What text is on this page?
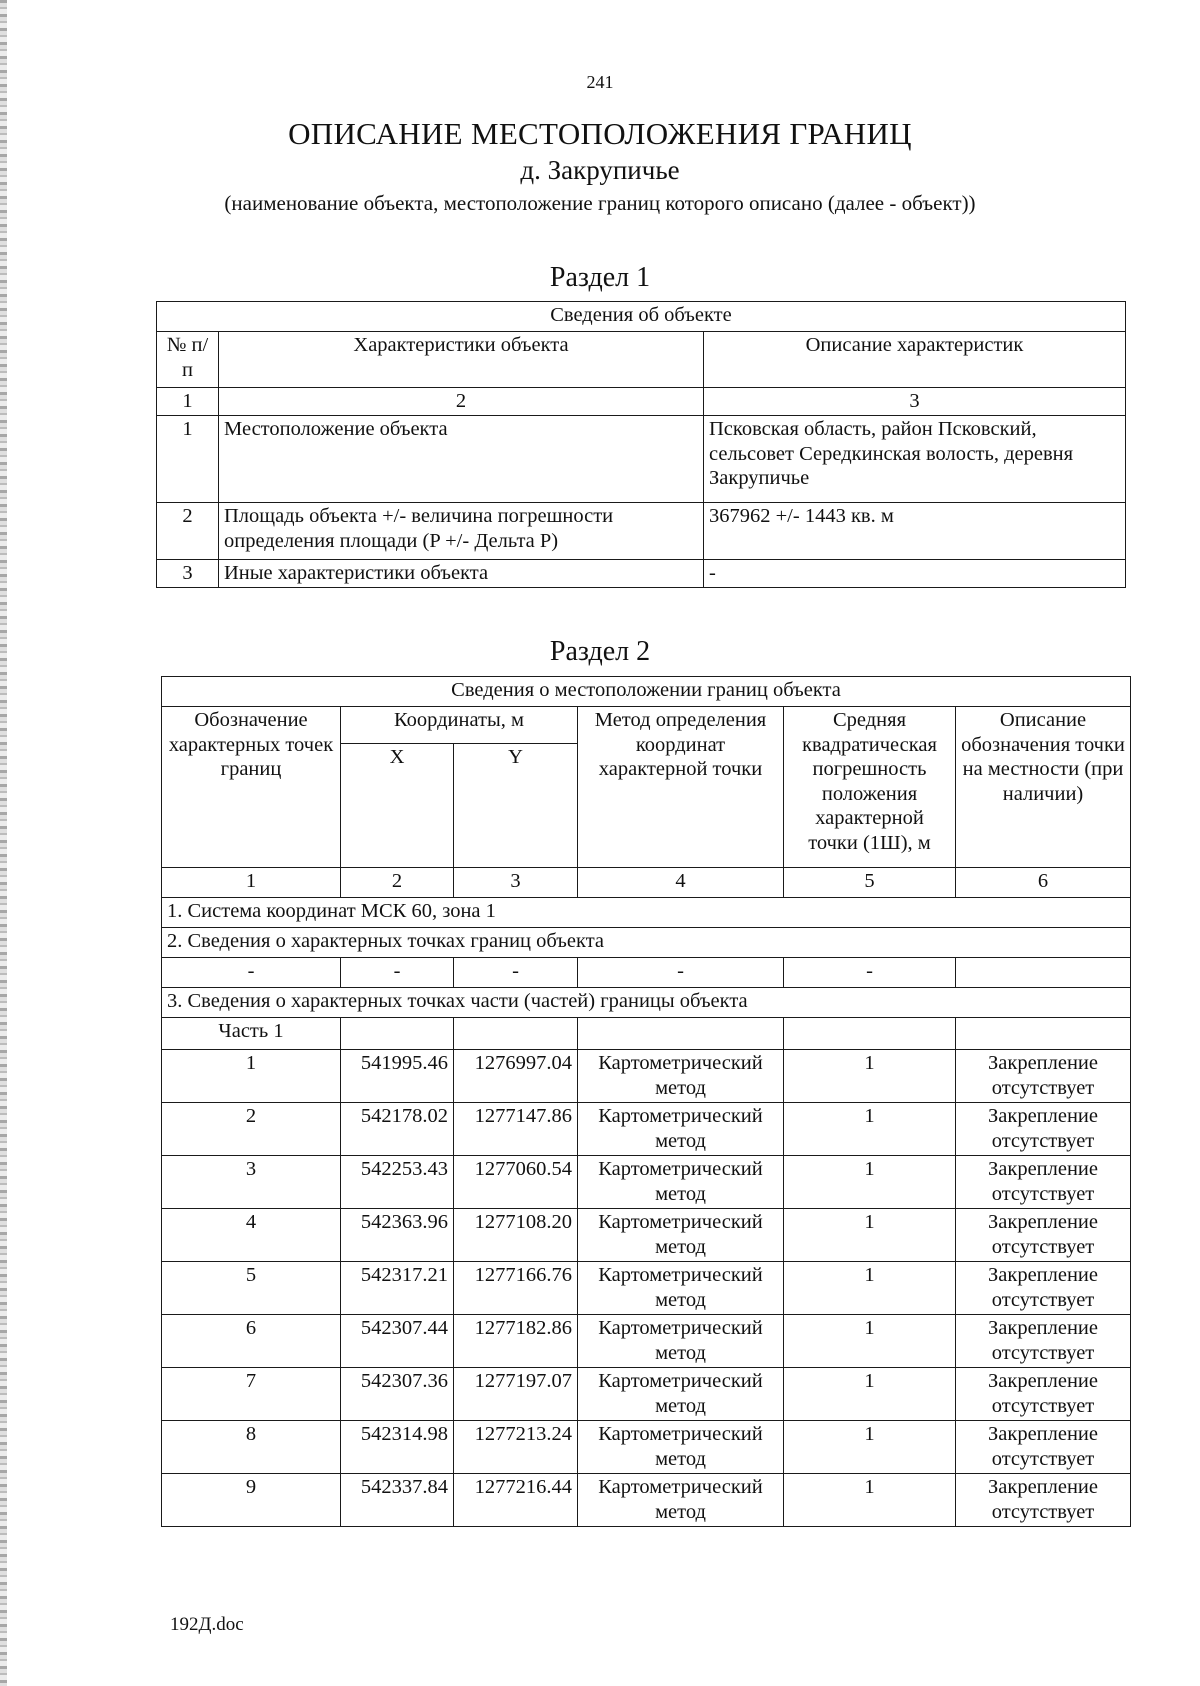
241
ОПИСАНИЕ МЕСТОПОЛОЖЕНИЯ ГРАНИЦ
д. Закрупичье
(наименование объекта, местоположение границ которого описано (далее - объект))
Раздел 1
Сведения об объекте		
№ п/п	Характеристики объекта	Описание характеристик
1	2	3
1	Местоположение объекта	Псковская область, район Псковский, сельсовет Середкинская волость, деревня Закрупичье
2	Площадь объекта +/- величина погрешности определения площади (P +/- Дельта P)	367962 +/- 1443 кв. м
3	Иные характеристики объекта	-
Раздел 2
Сведения о местоположении границ объекта					
Обозначение характерных точек границ	Координаты, м		Метод определения координат характерной точки	Средняя квадратическая погрешность положения характерной точки (1Ш), м	Описание обозначения точки на местности (при наличии)
	X	Y			
1	2	3	4	5	6
1. Система координат МСК 60, зона 1					
2. Сведения о характерных точках границ объекта					
-	-	-	-	-	
3. Сведения о характерных точках части (частей) границы объекта					
Часть 1					
1	541995.46	1276997.04	Картометрический метод	1	Закрепление отсутствует
2	542178.02	1277147.86	Картометрический метод	1	Закрепление отсутствует
3	542253.43	1277060.54	Картометрический метод	1	Закрепление отсутствует
4	542363.96	1277108.20	Картометрический метод	1	Закрепление отсутствует
5	542317.21	1277166.76	Картометрический метод	1	Закрепление отсутствует
6	542307.44	1277182.86	Картометрический метод	1	Закрепление отсутствует
7	542307.36	1277197.07	Картометрический метод	1	Закрепление отсутствует
8	542314.98	1277213.24	Картометрический метод	1	Закрепление отсутствует
9	542337.84	1277216.44	Картометрический метод	1	Закрепление отсутствует
192Д.doc
